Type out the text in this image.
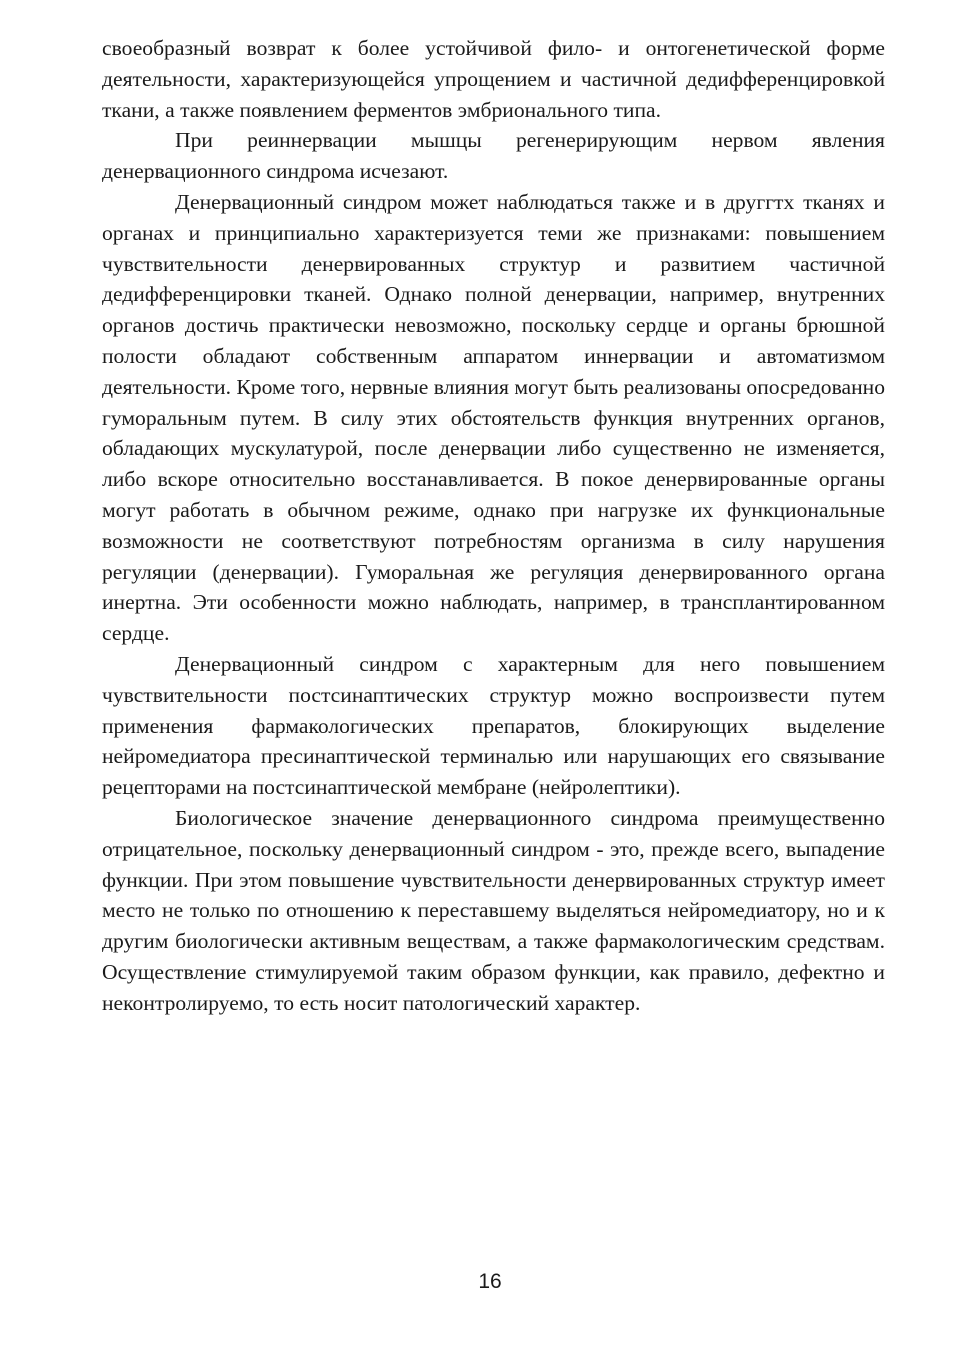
своеобразный возврат к более устойчивой фило- и онтогенетической форме деятельности, характеризующейся упрощением и частичной дедифференцировкой ткани, а также появлением ферментов эмбрионального типа.

При реиннервации мышцы регенерирующим нервом явления денервационного синдрома исчезают.

Денервационный синдром может наблюдаться также и в друггтх тканях и органах и принципиально характеризуется теми же признаками: повышением чувствительности денервированных структур и развитием частичной дедифференцировки тканей. Однако полной денервации, например, внутренних органов достичь практически невозможно, поскольку сердце и органы брюшной полости обладают собственным аппаратом иннервации и автоматизмом деятельности. Кроме того, нервные влияния могут быть реализованы опосредованно гуморальным путем. В силу этих обстоятельств функция внутренних органов, обладающих мускулатурой, после денервации либо существенно не изменяется, либо вскоре относительно восстанавливается. В покое денервированные органы могут работать в обычном режиме, однако при нагрузке их функциональные возможности не соответствуют потребностям организма в силу нарушения регуляции (денервации). Гуморальная же регуляция денервированного органа инертна. Эти особенности можно наблюдать, например, в трансплантированном сердце.

Денервационный синдром с характерным для него повышением чувствительности постсинаптических структур можно воспроизвести путем применения фармакологических препаратов, блокирующих выделение нейромедиатора пресинаптической терминалью или нарушающих его связывание рецепторами на постсинаптической мембране (нейролептики).

Биологическое значение денервационного синдрома преимущественно отрицательное, поскольку денервационный синдром - это, прежде всего, выпадение функции. При этом повышение чувствительности денервированных структур имеет место не только по отношению к переставшему выделяться нейромедиатору, но и к другим биологически активным веществам, а также фармакологическим средствам. Осуществление стимулируемой таким образом функции, как правило, дефектно и неконтролируемо, то есть носит патологический характер.

16
